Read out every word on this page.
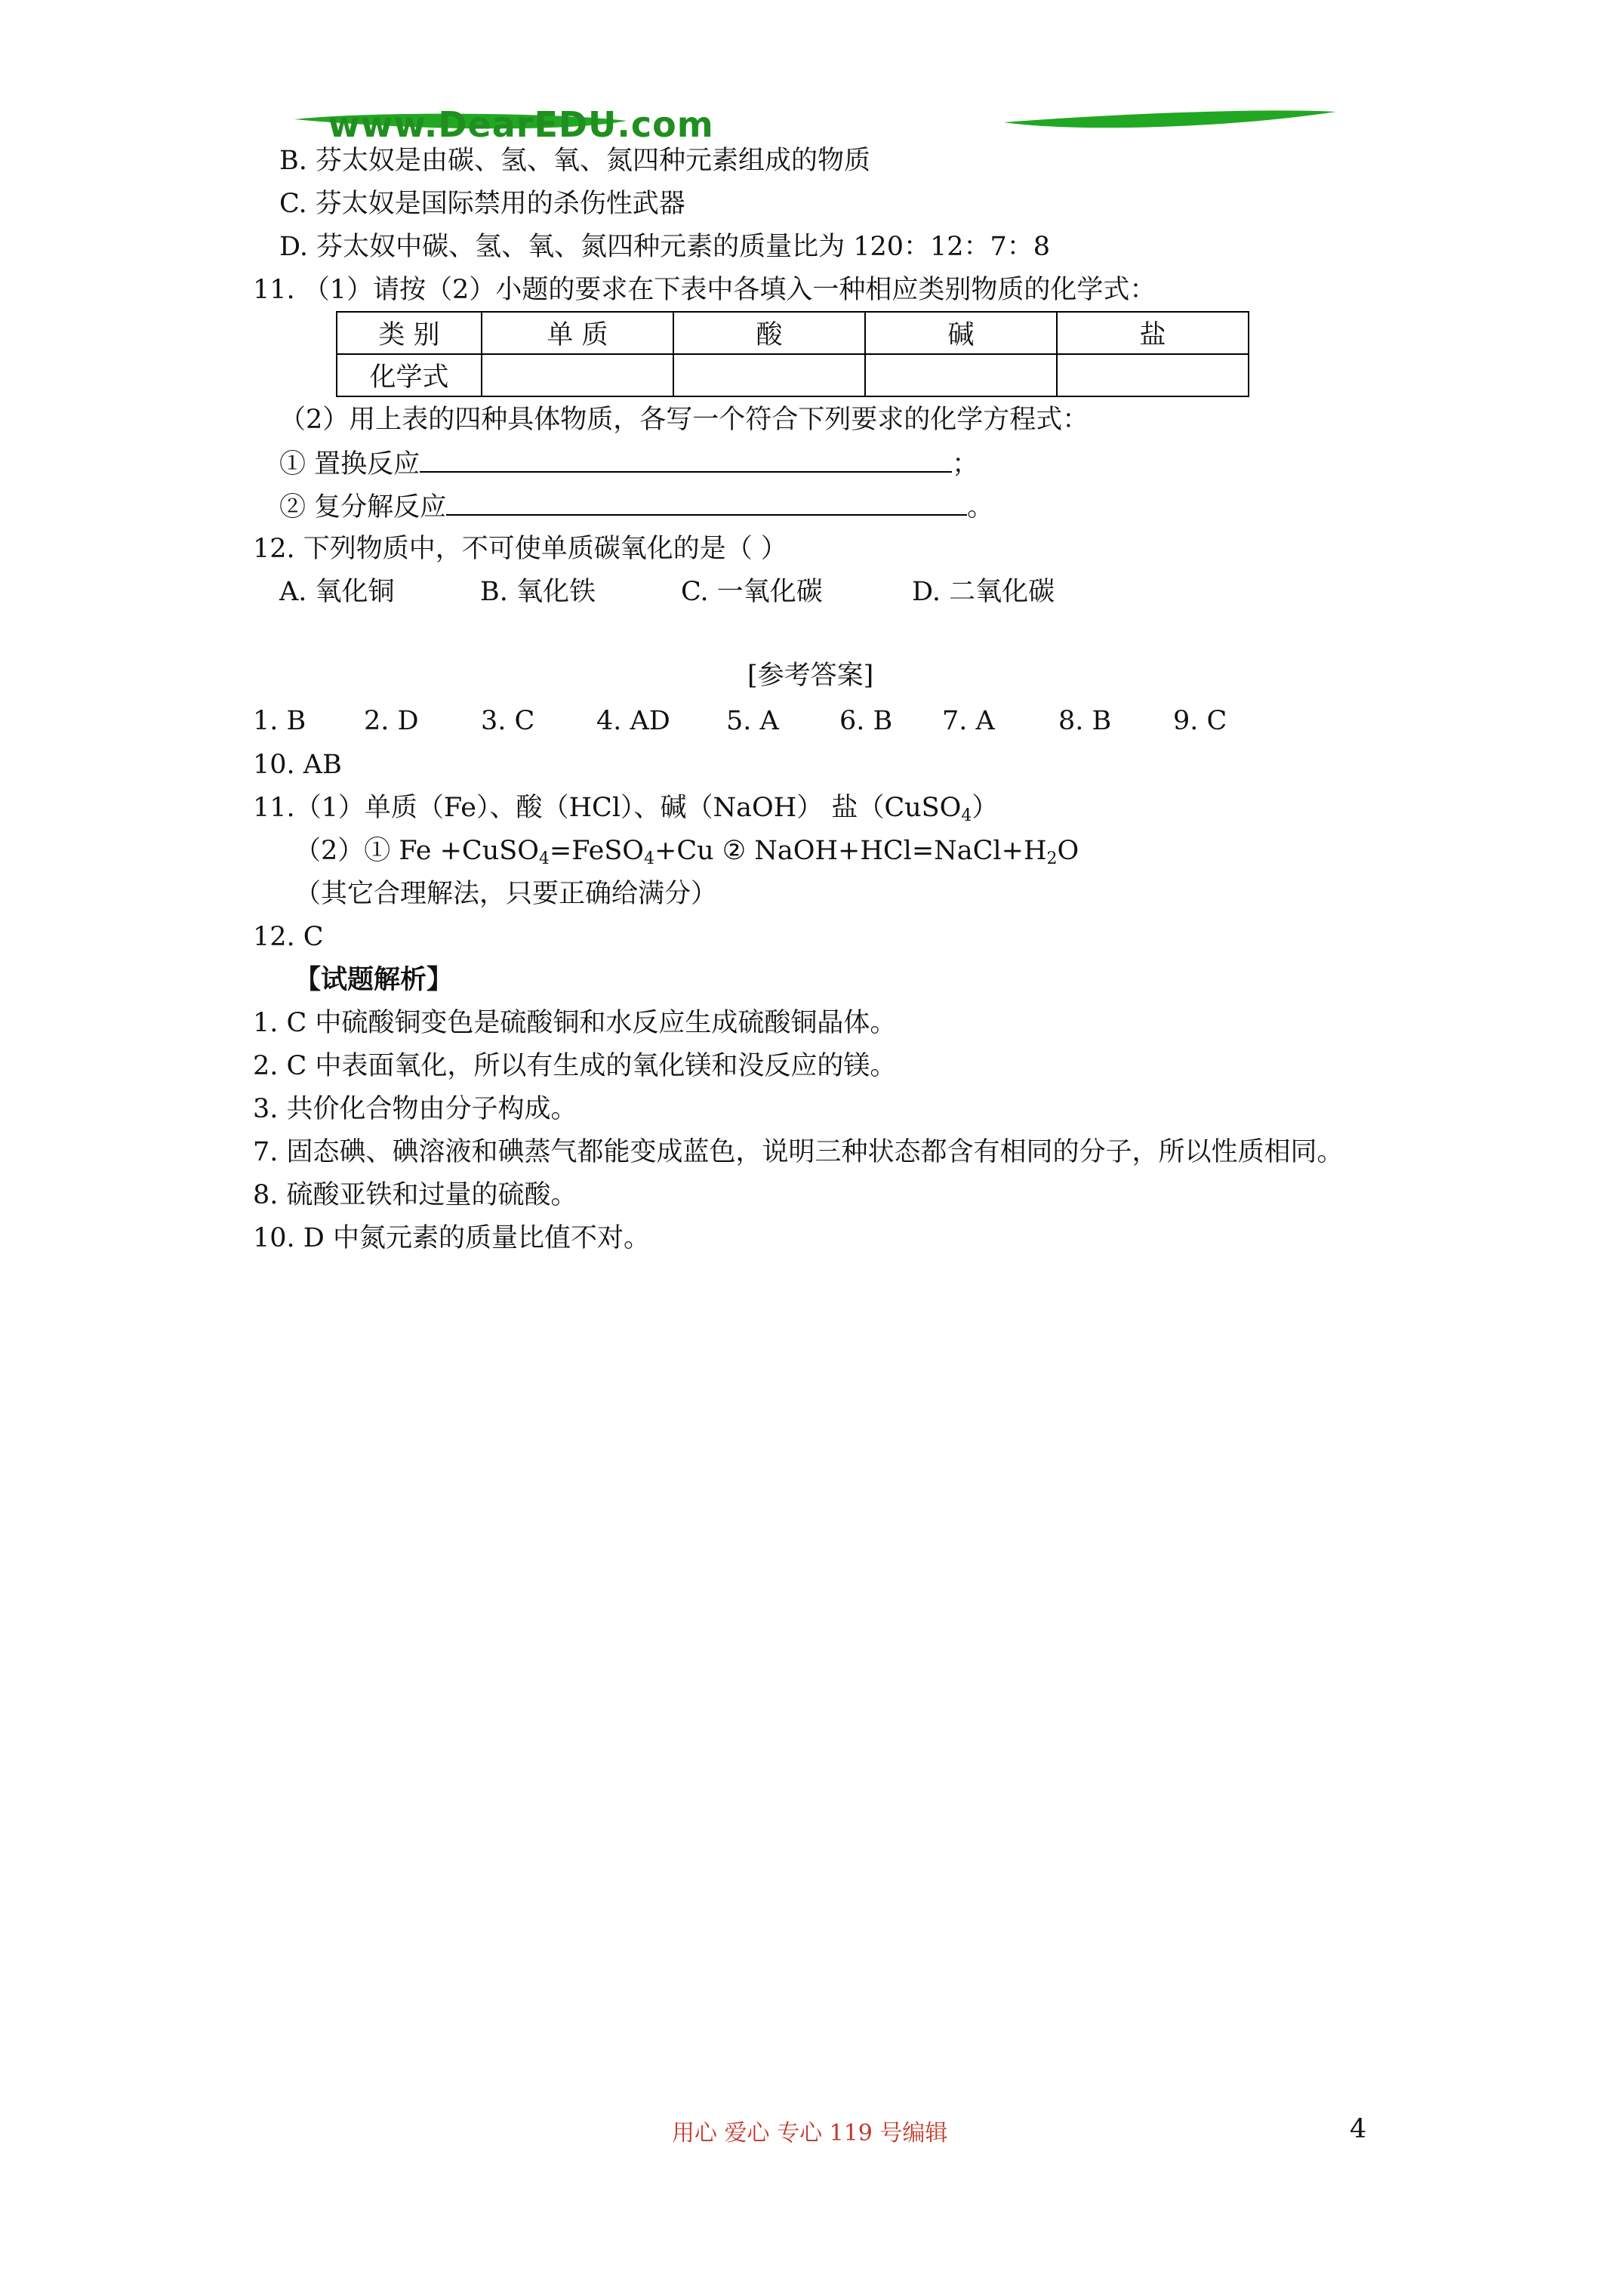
www.DearEDU.com
B. 芬太奴是由碳、氢、氧、氮四种元素组成的物质
C. 芬太奴是国际禁用的杀伤性武器
D. 芬太奴中碳、氢、氧、氮四种元素的质量比为 120：12：7：8
11. （1）请按（2）小题的要求在下表中各填入一种相应类别物质的化学式：
类 别	单 质	酸	碱	盐
化学式				
（2）用上表的四种具体物质，各写一个符合下列要求的化学方程式：
① 置换反应	；
② 复分解反应	。
12. 下列物质中，不可使单质碳氧化的是（ ）
A. 氧化铜	B. 氧化铁	C. 一氧化碳	D. 二氧化碳
[参考答案]
1. B 2. D 3. C 4. AD 5. A 6. B 7. A 8. B 9. C
10. AB
11.（1）单质（Fe）、酸（HCl）、碱（NaOH） 盐（CuSO$_4$）
（2）① Fe +CuSO$_4$=FeSO$_4$+Cu ② $NaOH+HCl=NaCl+H_2O$
（其它合理解法，只要正确给满分）
12. C
【试题解析】
1. C 中硫酸铜变色是硫酸铜和水反应生成硫酸铜晶体。
2. C 中表面氧化，所以有生成的氧化镁和没反应的镁。
3. 共价化合物由分子构成。
7. 固态碘、碘溶液和碘蒸气都能变成蓝色，说明三种状态都含有相同的分子，所以性质相同。
8. 硫酸亚铁和过量的硫酸。
10. D 中氮元素的质量比值不对。
用心 爱心 专心 119 号编辑	4
